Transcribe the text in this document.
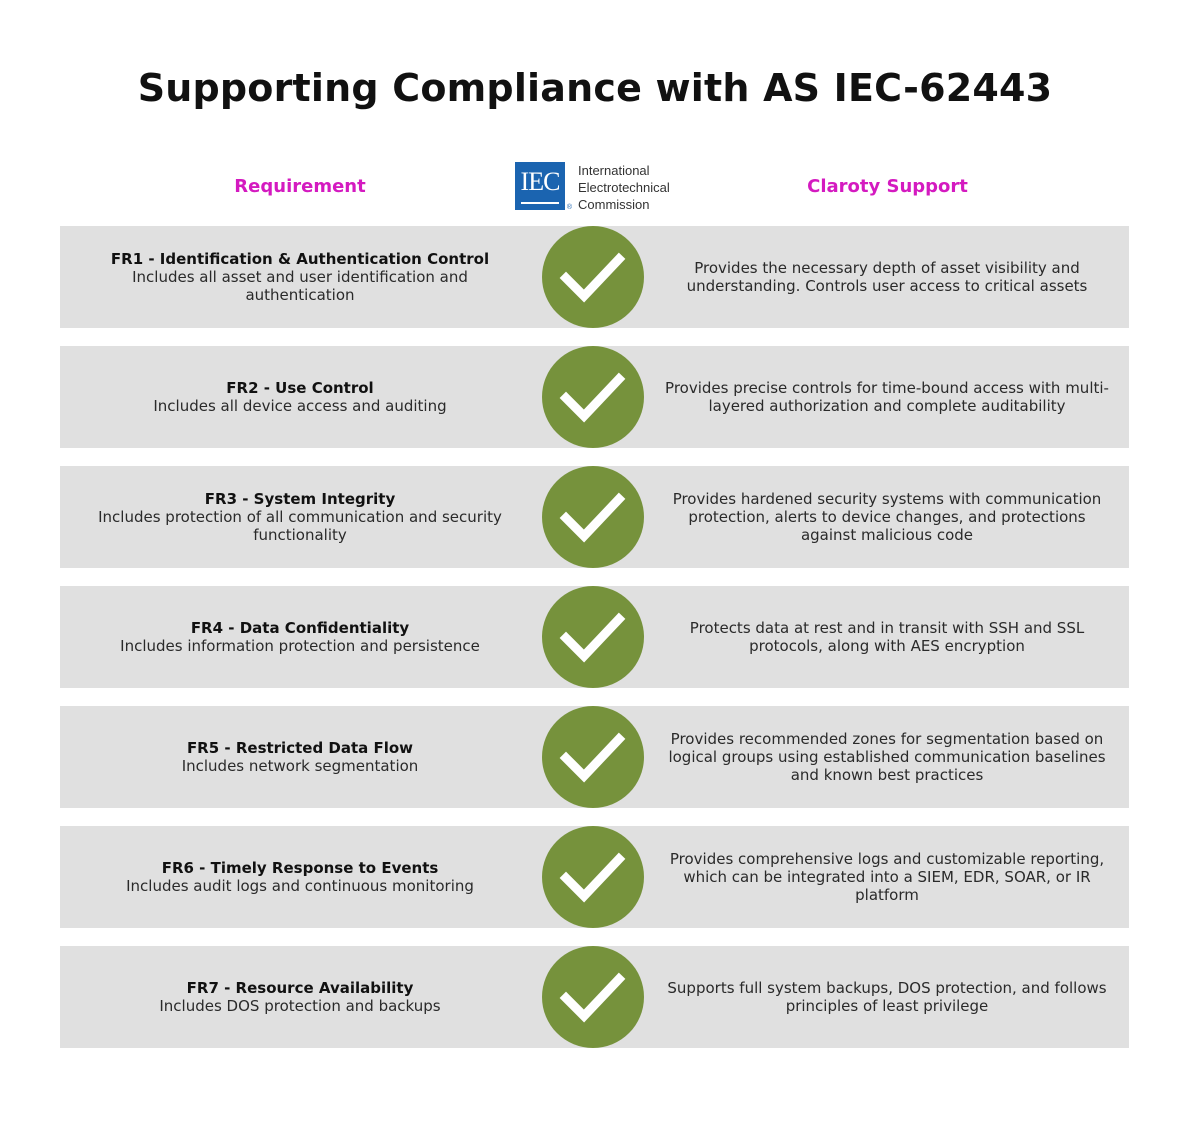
Supporting Compliance with AS IEC-62443
Requirement	IEC
®
International
Electrotechnical
Commission
Claroty Support
FR1 - Identification & Authentication Control
Includes all asset and user identification and authentication
Provides the necessary depth of asset visibility and understanding. Controls user access to critical assets
FR2 - Use Control
Includes all device access and auditing
Provides precise controls for time-bound access with multi-layered authorization and complete auditability
FR3 - System Integrity
Includes protection of all communication and security functionality
Provides hardened security systems with communication protection, alerts to device changes, and protections against malicious code
FR4 - Data Confidentiality
Includes information protection and persistence
Protects data at rest and in transit with SSH and SSL protocols, along with AES encryption
FR5 - Restricted Data Flow
Includes network segmentation
Provides recommended zones for segmentation based on logical groups using established communication baselines and known best practices
FR6 - Timely Response to Events
Includes audit logs and continuous monitoring
Provides comprehensive logs and customizable reporting, which can be integrated into a SIEM, EDR, SOAR, or IR platform
FR7 - Resource Availability
Includes DOS protection and backups
Supports full system backups, DOS protection, and follows principles of least privilege
